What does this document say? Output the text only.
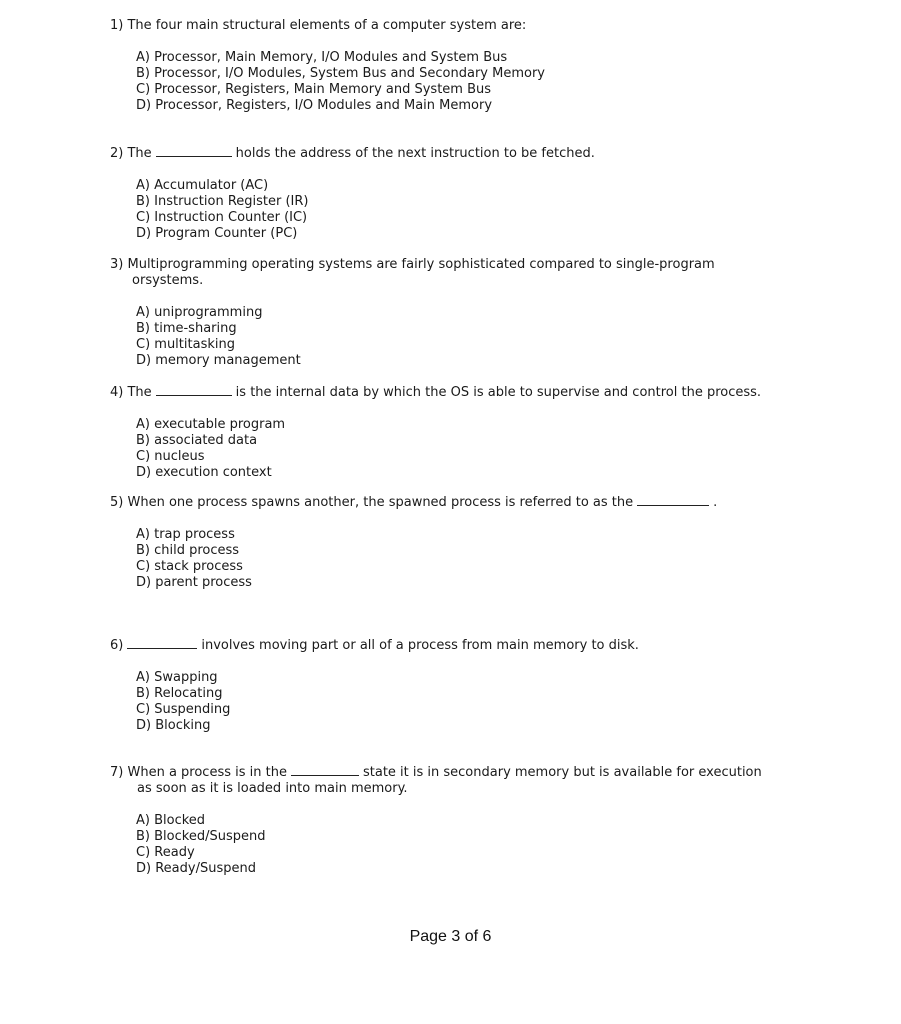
1) The four main structural elements of a computer system are:
A) Processor, Main Memory, I/O Modules and System Bus
B) Processor, I/O Modules, System Bus and Secondary Memory
C) Processor, Registers, Main Memory and System Bus
D) Processor, Registers, I/O Modules and Main Memory
2) The	holds the address of the next instruction to be fetched.
A) Accumulator (AC)
B) Instruction Register (IR)
C) Instruction Counter (IC)
D) Program Counter (PC)
3) Multiprogramming operating systems are fairly sophisticated compared to single-program
orsystems.
A) uniprogramming
B) time-sharing
C) multitasking
D) memory management
4) The	is the internal data by which the OS is able to supervise and control the process.
A) executable program
B) associated data
C) nucleus
D) execution context
5) When one process spawns another, the spawned process is referred to as the	.
A) trap process
B) child process
C) stack process
D) parent process
6)	involves moving part or all of a process from main memory to disk.
A) Swapping
B) Relocating
C) Suspending
D) Blocking
7) When a process is in the	state it is in secondary memory but is available for execution
as soon as it is loaded into main memory.
A) Blocked
B) Blocked/Suspend
C) Ready
D) Ready/Suspend
Page 3 of 6
